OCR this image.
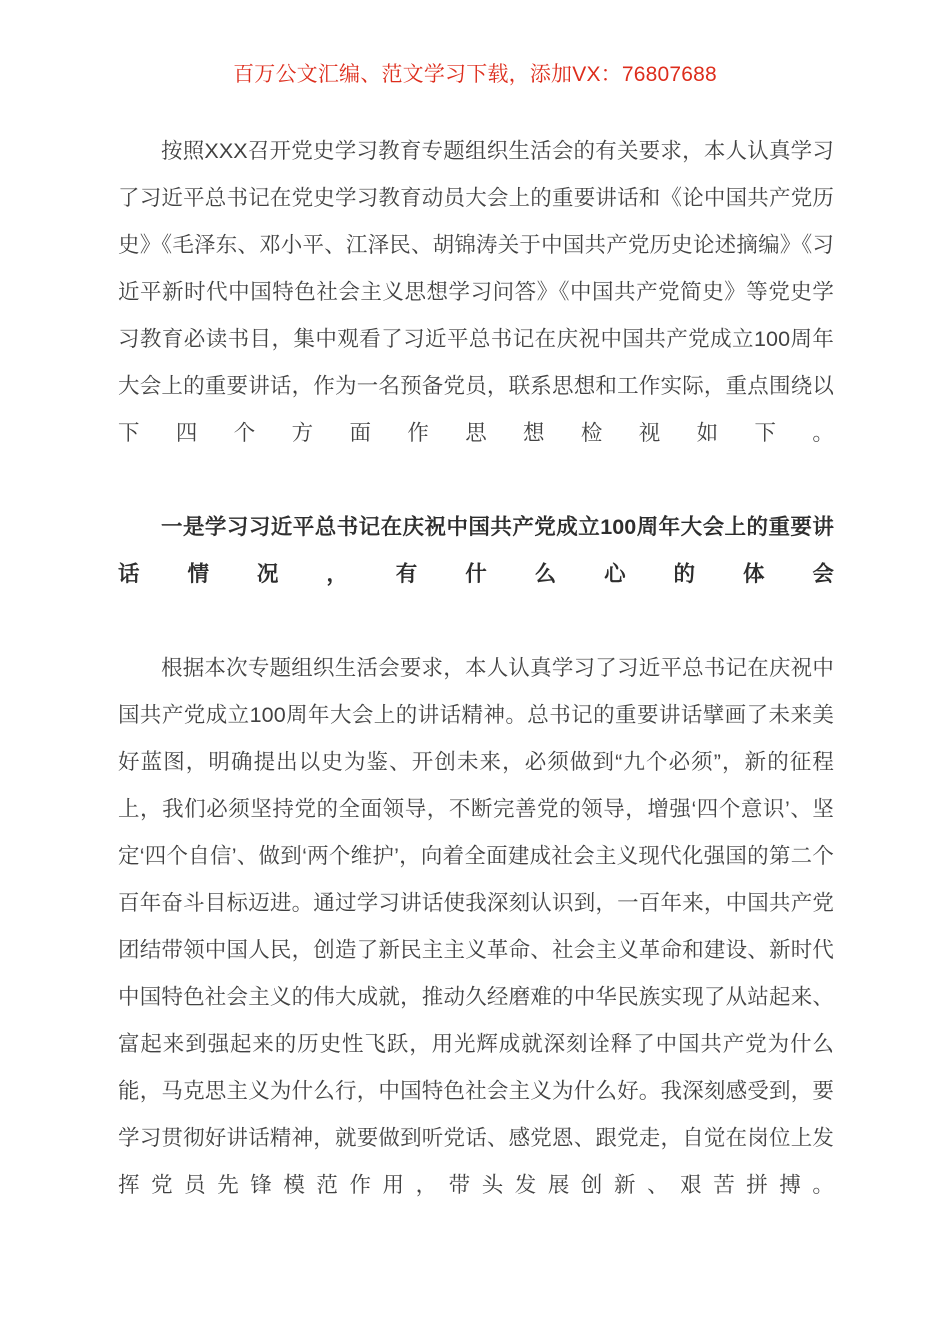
百万公文汇编、范文学习下载，添加VX：76807688

按照XXX召开党史学习教育专题组织生活会的有关要求，本人认真学习了习近平总书记在党史学习教育动员大会上的重要讲话和《论中国共产党历史》《毛泽东、邓小平、江泽民、胡锦涛关于中国共产党历史论述摘编》《习近平新时代中国特色社会主义思想学习问答》《中国共产党简史》等党史学习教育必读书目，集中观看了习近平总书记在庆祝中国共产党成立100周年大会上的重要讲话，作为一名预备党员，联系思想和工作实际，重点围绕以下四个方面作思想检视如下。

一是学习习近平总书记在庆祝中国共产党成立100周年大会上的重要讲话情况，有什么心的体会

根据本次专题组织生活会要求，本人认真学习了习近平总书记在庆祝中国共产党成立100周年大会上的讲话精神。总书记的重要讲话擘画了未来美好蓝图，明确提出以史为鉴、开创未来，必须做到“九个必须”，新的征程上，我们必须坚持党的全面领导，不断完善党的领导，增强‘四个意识’、坚定‘四个自信’、做到‘两个维护’，向着全面建成社会主义现代化强国的第二个百年奋斗目标迈进。通过学习讲话使我深刻认识到，一百年来，中国共产党团结带领中国人民，创造了新民主主义革命、社会主义革命和建设、新时代中国特色社会主义的伟大成就，推动久经磨难的中华民族实现了从站起来、富起来到强起来的历史性飞跃，用光辉成就深刻诠释了中国共产党为什么能，马克思主义为什么行，中国特色社会主义为什么好。我深刻感受到，要学习贯彻好讲话精神，就要做到听党话、感党恩、跟党走，自觉在岗位上发挥党员先锋模范作用，带头发展创新、艰苦拼搏。
